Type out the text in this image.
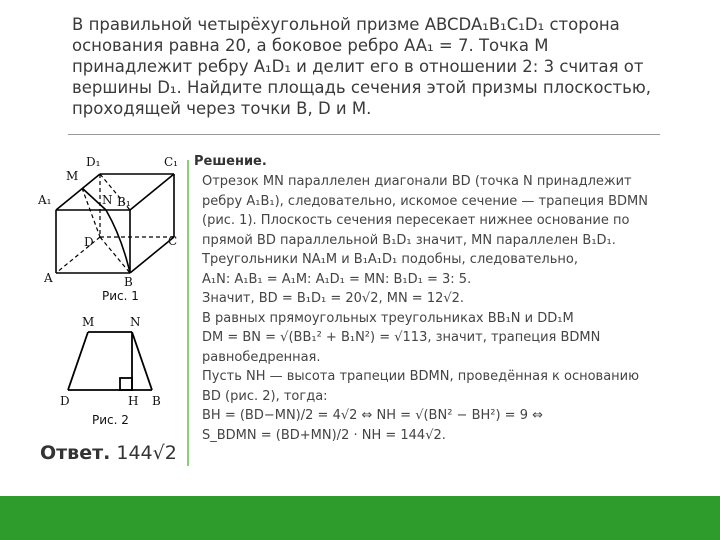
В правильной четырёхугольной призме ABCDA₁B₁C₁D₁ сторона
основания равна 20, а боковое ребро AA₁ = 7. Точка M
принадлежит ребру A₁D₁ и делит его в отношении 2: 3 считая от
вершины D₁. Найдите площадь сечения этой призмы плоскостью,
проходящей через точки B, D и M.
D₁	C₁
M
A₁	N B₁
D	C
A	B
Рис. 1
M	N
D	H B
Рис. 2
Решение.
Отрезок MN параллелен диагонали BD (точка N принадлежит
ребру A₁B₁), следовательно, искомое сечение — трапеция BDMN
(рис. 1). Плоскость сечения пересекает нижнее основание по
прямой BD параллельной B₁D₁ значит, MN параллелен B₁D₁.
Треугольники NA₁M и B₁A₁D₁ подобны, следовательно,
A₁N: A₁B₁ = A₁M: A₁D₁ = MN: B₁D₁ = 3: 5.
Значит, BD = B₁D₁ = 20√2, MN = 12√2.
В равных прямоугольных треугольниках BB₁N и DD₁M
DM = BN = √(BB₁² + B₁N²) = √113, значит, трапеция BDMN
равнобедренная.
Пусть NH — высота трапеции BDMN, проведённая к основанию
BD (рис. 2), тогда:
BH = (BD−MN)/2 = 4√2 ⇔ NH = √(BN² − BH²) = 9 ⇔
S_BDMN = (BD+MN)/2 · NH = 144√2.
Ответ. 144√2
